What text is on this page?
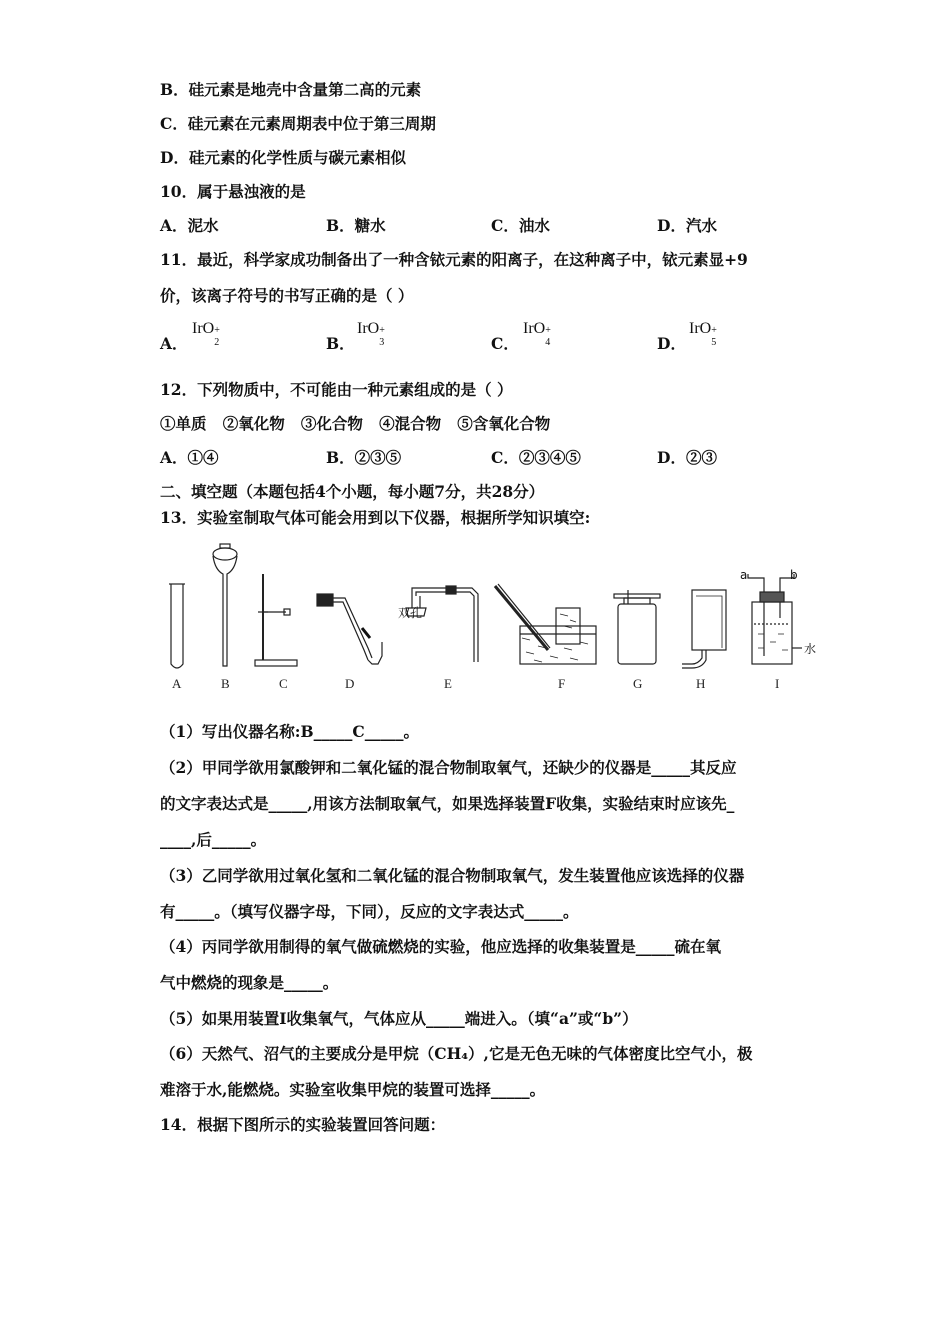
B．硅元素是地壳中含量第二高的元素
C．硅元素在元素周期表中位于第三周期
D．硅元素的化学性质与碳元素相似
10．属于悬浊液的是
A．泥水	B．糖水	C．油水	D．汽水
11．最近，科学家成功制备出了一种含铱元素的阳离子，在这种离子中，铱元素显+9
价，该离子符号的书写正确的是（ ）
A．
IrO +
2	B．
IrO +
3	C．
IrO +
4	D．
IrO +
5
12．下列物质中，不可能由一种元素组成的是（ ）
①单质   ②氧化物   ③化合物   ④混合物   ⑤含氧化合物
A．①④	B．②③⑤	C．②③④⑤	D．②③
二、填空题（本题包括4个小题，每小题7分，共28分）
13．实验室制取气体可能会用到以下仪器，根据所学知识填空:
双孔
a	b
水
A	B	C	D	E	F	G	H	I
（1）写出仪器名称:B_____C_____。
（2）甲同学欲用氯酸钾和二氧化锰的混合物制取氧气，还缺少的仪器是_____其反应
的文字表达式是_____,用该方法制取氧气，如果选择装置F收集，实验结束时应该先_
____,后_____。
（3）乙同学欲用过氧化氢和二氧化锰的混合物制取氧气，发生装置他应该选择的仪器
有_____。（填写仪器字母，下同），反应的文字表达式_____。
（4）丙同学欲用制得的氧气做硫燃烧的实验，他应选择的收集装置是_____硫在氧
气中燃烧的现象是_____。
（5）如果用装置Ⅰ收集氧气，气体应从_____端进入。（填“a”或“b”）
（6）天然气、沼气的主要成分是甲烷（CH₄）,它是无色无味的气体密度比空气小，极
难溶于水,能燃烧。实验室收集甲烷的装置可选择_____。
14．根据下图所示的实验装置回答问题：
